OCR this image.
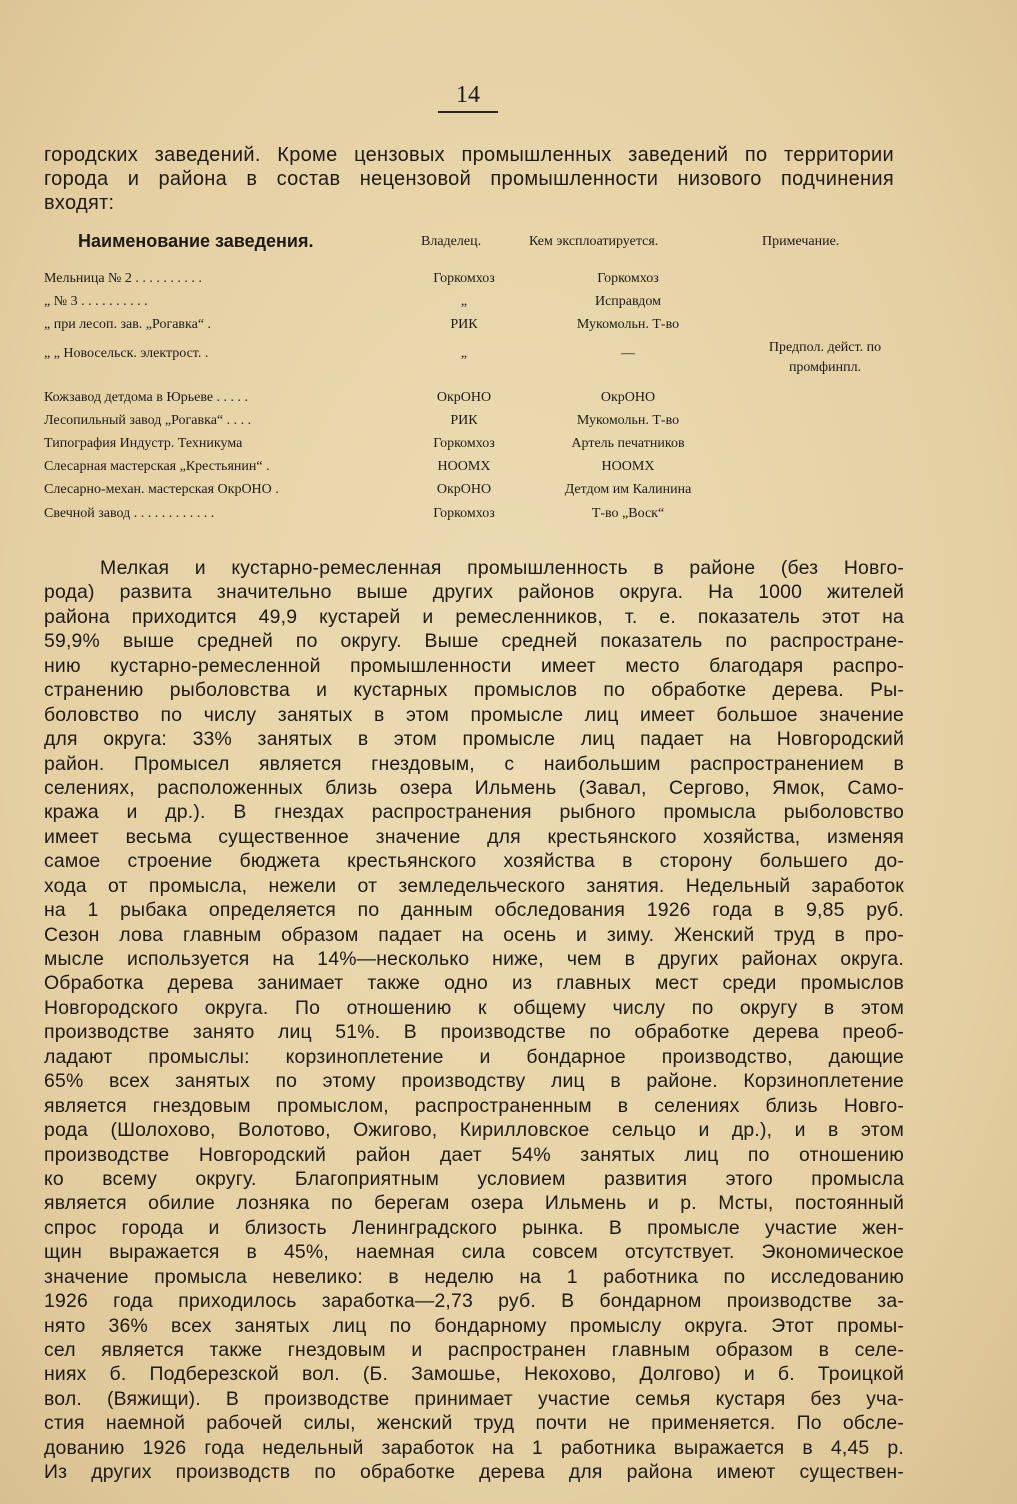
14
городских заведений. Кроме цензовых промышленных заведений по территории города и района в состав нецензовой промышленности низового подчинения входят:
Наименование заведения.	Владелец.	Кем эксплоатируется.	Примечание.
Мельница № 2 . . . . . . . . . .	Горкомхоз	Горкомхоз
„ № 3 . . . . . . . . . .	„	Исправдом
„ при лесоп. зав. „Рогавка“ .	РИК	Мукомольн. Т-во
„ „ Новосельск. электрост. .	„	—	Предпол. дейст. по промфинпл.
Кожзавод детдома в Юрьеве . . . . .	ОкрОНО	ОкрОНО
Лесопильный завод „Рогавка“ . . . .	РИК	Мукомольн. Т-во
Типография Индустр. Техникума	Горкомхоз	Артель печатников
Слесарная мастерская „Крестьянин“ .	НООМХ	НООМХ
Слесарно-механ. мастерская ОкрОНО .	ОкрОНО	Детдом им Калинина
Свечной завод . . . . . . . . . . . .	Горкомхоз	Т-во „Воск“
Мелкая и кустарно-ремесленная промышленность в районе (без Новго-
рода) развита значительно выше других районов округа. На 1000 жителей
района приходится 49,9 кустарей и ремесленников, т. е. показатель этот на
59,9% выше средней по округу. Выше средней показатель по распростране-
нию кустарно-ремесленной промышленности имеет место благодаря распро-
странению рыболовства и кустарных промыслов по обработке дерева. Ры-
боловство по числу занятых в этом промысле лиц имеет большое значение
для округа: 33% занятых в этом промысле лиц падает на Новгородский
район. Промысел является гнездовым, с наибольшим распространением в
селениях, расположенных близь озера Ильмень (Завал, Сергово, Ямок, Само-
кража и др.). В гнездах распространения рыбного промысла рыболовство
имеет весьма существенное значение для крестьянского хозяйства, изменяя
самое строение бюджета крестьянского хозяйства в сторону большего до-
хода от промысла, нежели от земледельческого занятия. Недельный заработок
на 1 рыбака определяется по данным обследования 1926 года в 9,85 руб.
Сезон лова главным образом падает на осень и зиму. Женский труд в про-
мысле используется на 14%—несколько ниже, чем в других районах округа.
Обработка дерева занимает также одно из главных мест среди промыслов
Новгородского округа. По отношению к общему числу по округу в этом
производстве занято лиц 51%. В производстве по обработке дерева преоб-
ладают промыслы: корзиноплетение и бондарное производство, дающие
65% всех занятых по этому производству лиц в районе. Корзиноплетение
является гнездовым промыслом, распространенным в селениях близь Новго-
рода (Шолохово, Волотово, Ожигово, Кирилловское сельцо и др.), и в этом
производстве Новгородский район дает 54% занятых лиц по отношению
ко всему округу. Благоприятным условием развития этого промысла
является обилие лозняка по берегам озера Ильмень и р. Мсты, постоянный
спрос города и близость Ленинградского рынка. В промысле участие жен-
щин выражается в 45%, наемная сила совсем отсутствует. Экономическое
значение промысла невелико: в неделю на 1 работника по исследованию
1926 года приходилось заработка—2,73 руб. В бондарном производстве за-
нято 36% всех занятых лиц по бондарному промыслу округа. Этот промы-
сел является также гнездовым и распространен главным образом в селе-
ниях б. Подберезской вол. (Б. Замошье, Некохово, Долгово) и б. Троицкой
вол. (Вяжищи). В производстве принимает участие семья кустаря без уча-
стия наемной рабочей силы, женский труд почти не применяется. По обсле-
дованию 1926 года недельный заработок на 1 работника выражается в 4,45 р.
Из других производств по обработке дерева для района имеют существен-
